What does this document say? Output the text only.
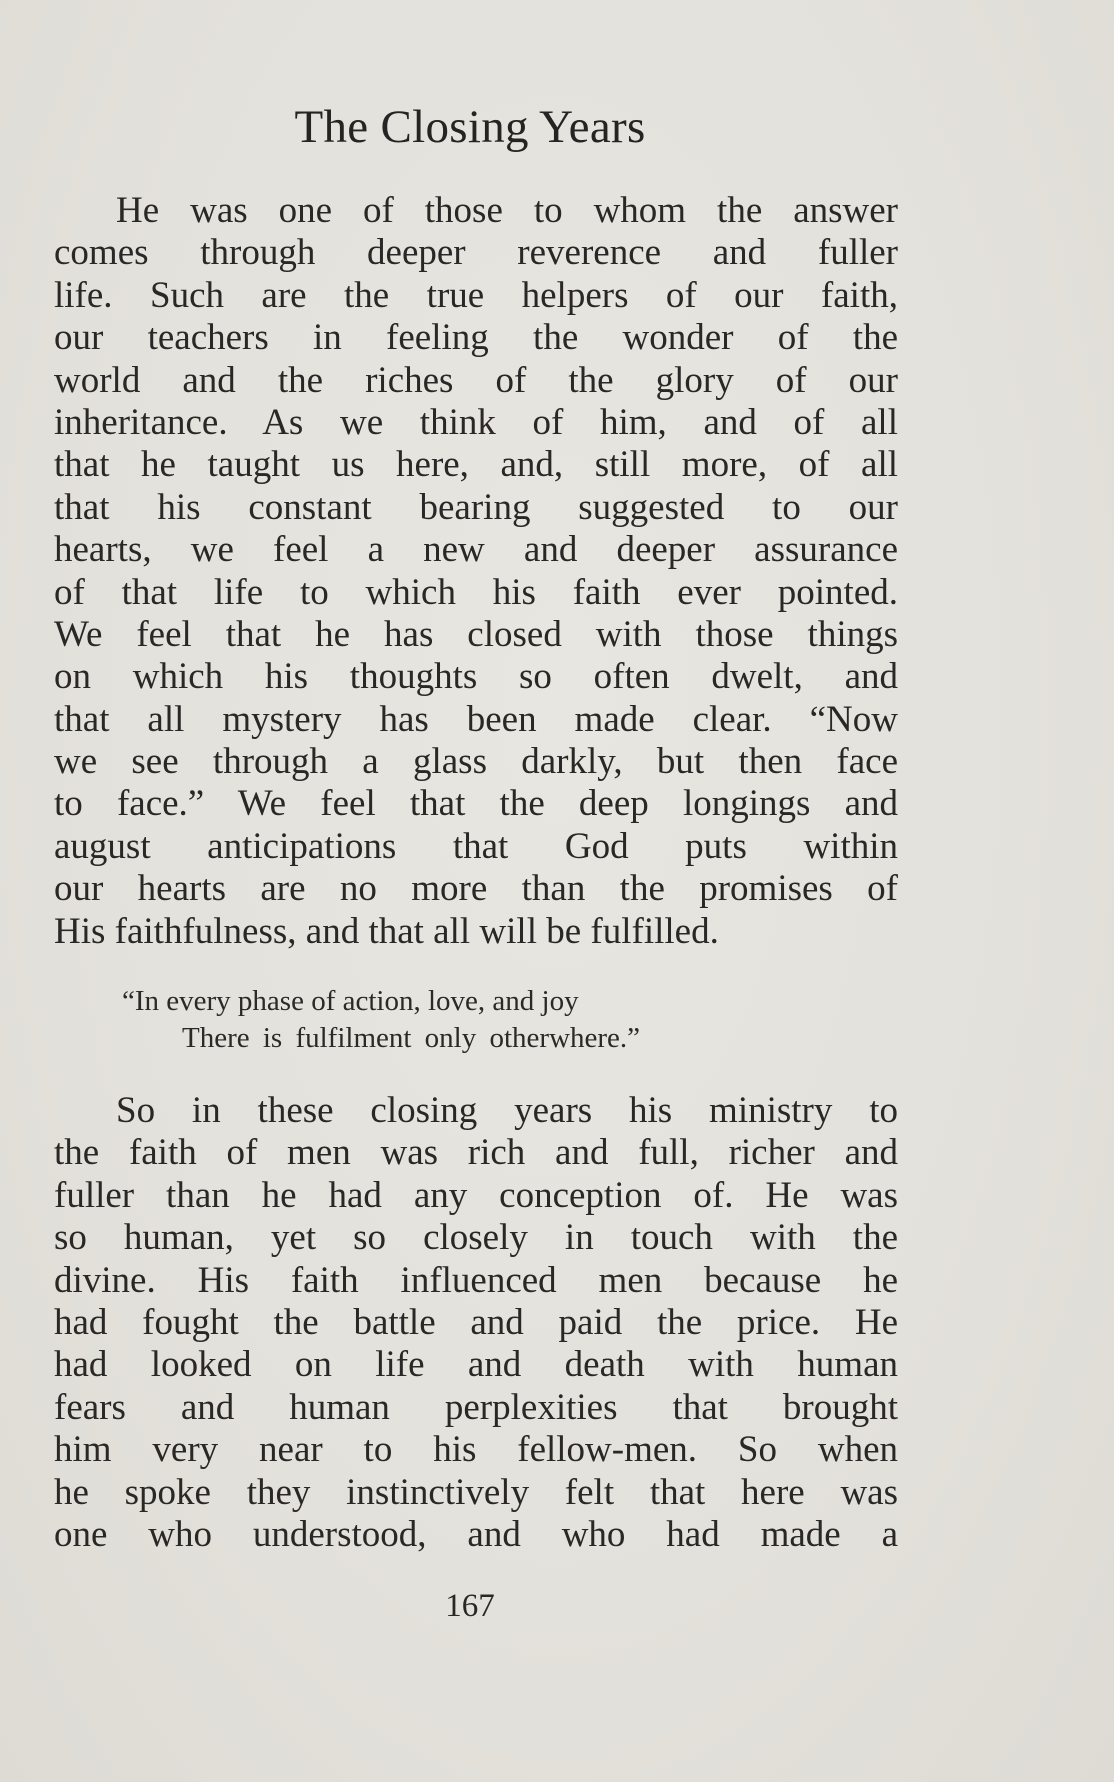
The Closing Years
He was one of those to whom the answer
comes through deeper reverence and fuller
life. Such are the true helpers of our faith,
our teachers in feeling the wonder of the
world and the riches of the glory of our
inheritance. As we think of him, and of all
that he taught us here, and, still more, of all
that his constant bearing suggested to our
hearts, we feel a new and deeper assurance
of that life to which his faith ever pointed.
We feel that he has closed with those things
on which his thoughts so often dwelt, and
that all mystery has been made clear. “Now
we see through a glass darkly, but then face
to face.” We feel that the deep longings and
august anticipations that God puts within
our hearts are no more than the promises of
His faithfulness, and that all will be fulfilled.
“In every phase of action, love, and joy
There is fulfilment only otherwhere.”
So in these closing years his ministry to
the faith of men was rich and full, richer and
fuller than he had any conception of. He was
so human, yet so closely in touch with the
divine. His faith influenced men because he
had fought the battle and paid the price. He
had looked on life and death with human
fears and human perplexities that brought
him very near to his fellow-men. So when
he spoke they instinctively felt that here was
one who understood, and who had made a
167
